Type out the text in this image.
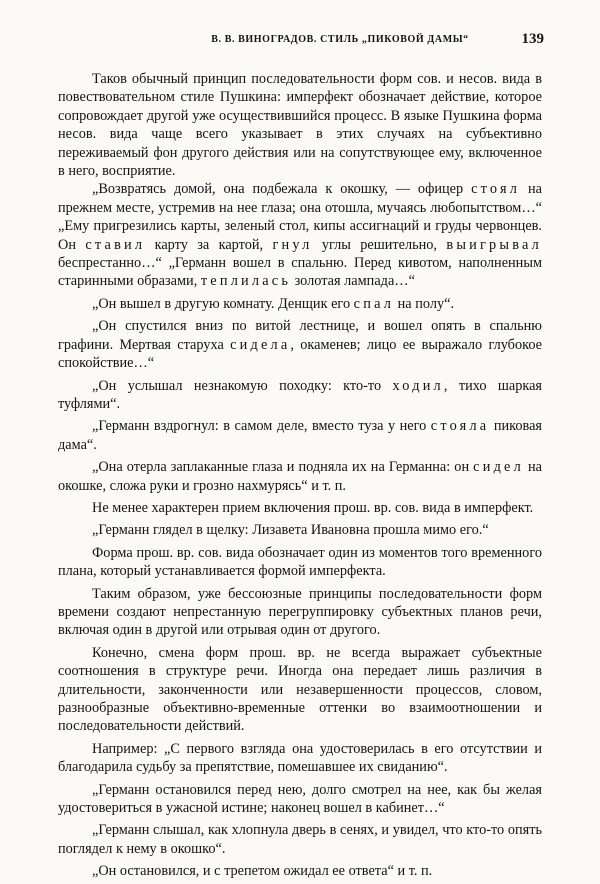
В. В. ВИНОГРАДОВ. СТИЛЬ „ПИКОВОЙ ДАМЫ“	139

Таков обычный принцип последовательности форм сов. и несов. вида в повествовательном стиле Пушкина: имперфект обозначает действие, которое сопровождает другой уже осуществившийся процесс. В языке Пушкина форма несов. вида чаще всего указывает в этих случаях на субъективно переживаемый фон другого действия или на сопутствующее ему, включенное в него, восприятие.

„Возвратясь домой, она подбежала к окошку, — офицер стоял на прежнем месте, устремив на нее глаза; она отошла, мучаясь любопытством…“ „Ему пригрезились карты, зеленый стол, кипы ассигнаций и груды червонцев. Он ставил карту за картой, гнул углы решительно, выигрывал беспрестанно…“ „Германн вошел в спальню. Перед кивотом, наполненным старинными образами, теплилась золотая лампада…“

„Он вышел в другую комнату. Денщик его спал на полу“.

„Он спустился вниз по витой лестнице, и вошел опять в спальню графини. Мертвая старуха сидела, окаменев; лицо ее выражало глубокое спокойствие…“

„Он услышал незнакомую походку: кто-то ходил, тихо шаркая туфлями“.

„Германн вздрогнул: в самом деле, вместо туза у него стояла пиковая дама“.

„Она отерла заплаканные глаза и подняла их на Германна: он сидел на окошке, сложа руки и грозно нахмурясь“ и т. п.

Не менее характерен прием включения прош. вр. сов. вида в имперфект.

„Германн глядел в щелку: Лизавета Ивановна прошла мимо его.“

Форма прош. вр. сов. вида обозначает один из моментов того временного плана, который устанавливается формой имперфекта.

Таким образом, уже бессоюзные принципы последовательности форм времени создают непрестанную перегруппировку субъектных планов речи, включая один в другой или отрывая один от другого.

Конечно, смена форм прош. вр. не всегда выражает субъектные соотношения в структуре речи. Иногда она передает лишь различия в длительности, законченности или незавершенности процессов, словом, разнообразные объективно-временные оттенки во взаимоотношении и последовательности действий.

Например: „С первого взгляда она удостоверилась в его отсутствии и благодарила судьбу за препятствие, помешавшее их свиданию“.

„Германн остановился перед нею, долго смотрел на нее, как бы желая удостовериться в ужасной истине; наконец вошел в кабинет…“

„Германн слышал, как хлопнула дверь в сенях, и увидел, что кто-то опять поглядел к нему в окошко“.

„Он остановился, и с трепетом ожидал ее ответа“ и т. п.
